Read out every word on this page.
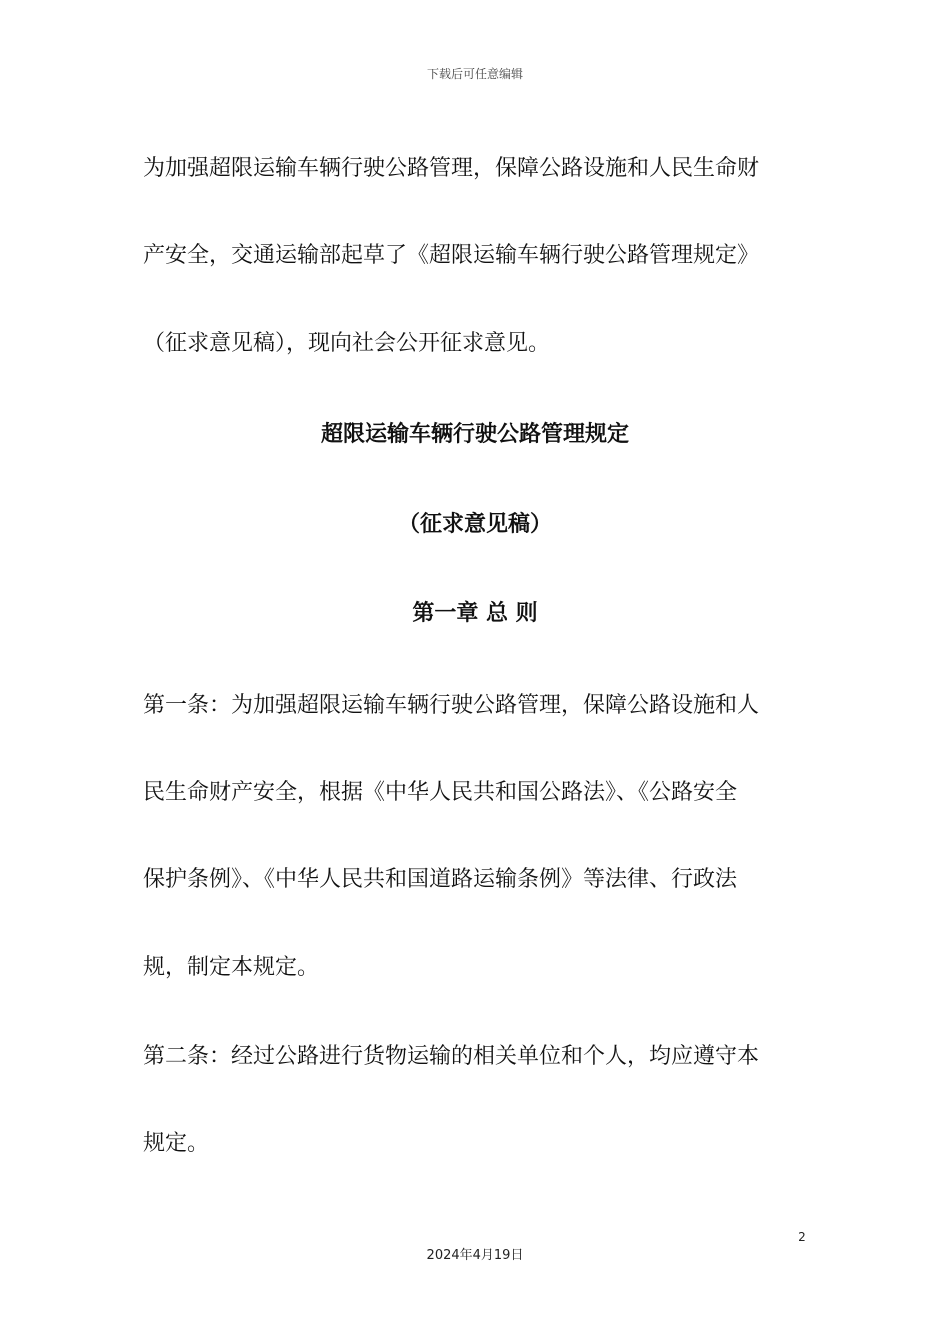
下载后可任意编辑
为加强超限运输车辆行驶公路管理，保障公路设施和人民生命财
产安全，交通运输部起草了《超限运输车辆行驶公路管理规定》
（征求意见稿），现向社会公开征求意见。
超限运输车辆行驶公路管理规定
（征求意见稿）
第一章 总 则
第一条：为加强超限运输车辆行驶公路管理，保障公路设施和人
民生命财产安全，根据《中华人民共和国公路法》、《公路安全
保护条例》、《中华人民共和国道路运输条例》等法律、行政法
规，制定本规定。
第二条：经过公路进行货物运输的相关单位和个人，均应遵守本
规定。
2
2024年4月19日
